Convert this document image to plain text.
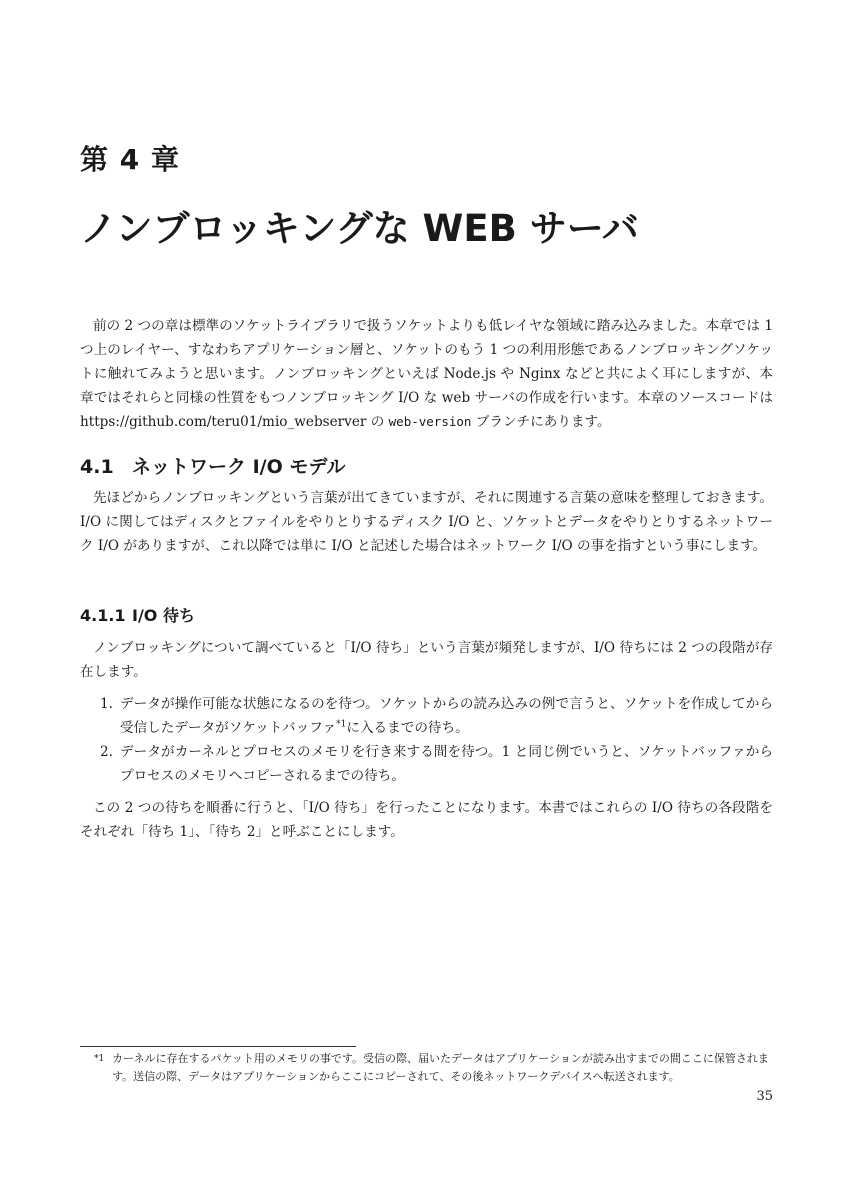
第 4 章
ノンブロッキングな WEB サーバ

前の 2 つの章は標準のソケットライブラリで扱うソケットよりも低レイヤな領域に踏み込みました。本章では 1 つ上のレイヤー、すなわちアプリケーション層と、ソケットのもう 1 つの利用形態であるノンブロッキングソケットに触れてみようと思います。ノンブロッキングといえば Node.js や Nginx などと共によく耳にしますが、本章ではそれらと同様の性質をもつノンブロッキング I/O な web サーバの作成を行います。本章のソースコードは https://github.com/teru01/mio_webserver の web-version ブランチにあります。

4.1 ネットワーク I/O モデル

先ほどからノンブロッキングという言葉が出てきていますが、それに関連する言葉の意味を整理しておきます。I/O に関してはディスクとファイルをやりとりするディスク I/O と、ソケットとデータをやりとりするネットワーク I/O がありますが、これ以降では単に I/O と記述した場合はネットワーク I/O の事を指すという事にします。

4.1.1 I/O 待ち

ノンブロッキングについて調べていると「I/O 待ち」という言葉が頻発しますが、I/O 待ちには 2 つの段階が存在します。

1. データが操作可能な状態になるのを待つ。ソケットからの読み込みの例で言うと、ソケットを作成してから受信したデータがソケットバッファ$^{*1}$に入るまでの待ち。
2. データがカーネルとプロセスのメモリを行き来する間を待つ。1 と同じ例でいうと、ソケットバッファからプロセスのメモリへコピーされるまでの待ち。

この 2 つの待ちを順番に行うと、「I/O 待ち」を行ったことになります。本書ではこれらの I/O 待ちの各段階をそれぞれ「待ち 1」、「待ち 2」と呼ぶことにします。

*1 カーネルに存在するパケット用のメモリの事です。受信の際、届いたデータはアプリケーションが読み出すまでの間ここに保管されます。送信の際、データはアプリケーションからここにコピーされて、その後ネットワークデバイスへ転送されます。

35
